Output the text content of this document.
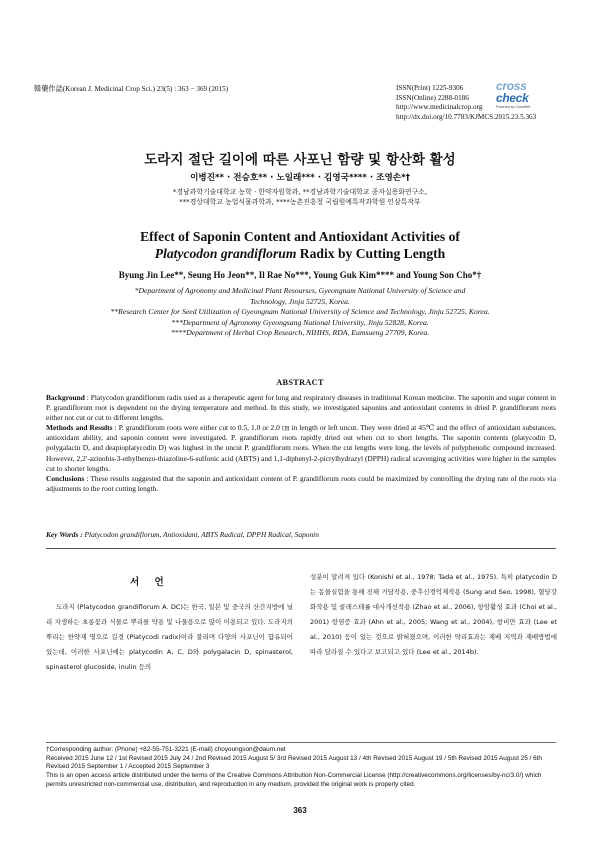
韓藥作誌(Korean J. Medicinal Crop Sci.) 23(5) : 363 − 369 (2015)	ISSN(Print) 1225-9306
ISSN(Online) 2288-0186
http://www.medicinalcrop.org
http://dx.doi.org/10.7783/KJMCS.2015.23.5.363
cross
check
Powered by CrossRef
도라지 절단 길이에 따른 사포닌 함량 및 항산화 활성
이병진** · 전승호** · 노일래*** · 김영국**** · 조영손*†
*경남과학기술대학교 농학 · 한약자원학과, **경남과학기술대학교 종자실용화연구소,
***경상대학교 농업식물과학과, ****농촌진흥청 국립원예특작과학원 인삼특작부
Effect of Saponin Content and Antioxidant Activities of
Platycodon grandiflorum Radix by Cutting Length
Byung Jin Lee**, Seung Ho Jeon**, Il Rae No***, Young Guk Kim**** and Young Son Cho*†
*Department of Agronomy and Medicinal Plant Resourses, Gyeongnam National University of Science and
Technology, Jinju 52725, Korea.
**Research Center for Seed Utilization of Gyeongnam National University of Science and Technology, Jinju 52725, Korea.
***Department of Agronomy Gyeongsang National University, Jinju 52828, Korea.
****Department of Herbal Crop Research, NIHHS, RDA, Eumsueng 27709, Korea.
ABSTRACT

Background : Platycodon grandiflorum radix used as a therapeutic agent for lung and respiratory diseases in traditional Korean medicine. The saponin and sugar content in P. grandiflorum root is dependent on the drying temperature and method. In this study, we investigated saponins and antioxidant contents in dried P. grandiflorum roots either not cut or cut to different lengths.

Methods and Results : P. grandiflorum roots were either cut to 0.5, 1.0 or 2.0 ㎝ in length or left uncut. They were dried at 45℃ and the effect of antioxidant substances, antioxidant ability, and saponin content were investigated. P. grandiflorum roots rapidly dried out when cut to short lengths. The saponin contents (platycodin D, polygalacin D, and deapioplatycodin D) was highest in the uncut P. grandiflorum roots. When the cut lengths were long, the levels of polyphenolic compound increased. However, 2,2'-azinobis-3-ethylbenzo-thiazoline-6-sulfonic acid (ABTS) and 1,1-diphenyl-2-picrylhydrazyl (DPPH) radical scavenging activities were higher in the samples cut to shorter lengths.

Conclusions : These results suggested that the saponin and antioxidant content of P. grandiflorum roots could be maximized by controlling the drying rate of the roots via adjustments to the root cutting length.

Key Words : Platycodon grandiflorum, Antioxidant, ABTS Radical, DPPH Radical, Saponin
서 언

도라지 (Platycodon grandiflorum A. DC)는 한국, 일본 및 중국의 산간지방에 널리 자생하는 초롱꽃과 식물로 뿌리를 약용 및 나물용으로 많이 이용되고 있다. 도라지의 뿌리는 한약재 명으로 길경 (Platycodi radix)이라 불리며 다양의 사포닌이 함유되어 있는데, 이러한 사포닌에는 platycodin A, C, D와 polygalacin D, spinasterol, spinasterol glucoside, inulin 등의

성분이 알려져 있다 (Konishi et al., 1978; Tada et al., 1975). 특히 platycodin D는 동물실험을 통해 진해 거담작용, 중추신경억제작용 (Sung and Seo, 1998), 혈당강화작용 및 콜레스테롤 대사개선작용 (Zhao et al., 2006), 항암활성 효과 (Choi et al., 2001) 항염증 효과 (Ahn et al., 2005; Wang et al., 2004), 항비만 효과 (Lee et al., 2010) 등이 있는 것으로 밝혀졌으며, 이러한 약리효과는 재배 지역과 재배방법에 따라 달라질 수 있다고 보고되고 있다 (Lee et al., 2014b).

†Corresponding author: (Phone) +82-55-751-3221 (E-mail) choyoungson@daum.net
Received 2015 June 12 / 1st Revised 2015 July 24 / 2nd Revised 2015 August 5/ 3rd Revised 2015 August 13 / 4th Revised 2015 August 19 / 5th Revised 2015 August 25 / 6th Revised 2015 September 1 / Accepted 2015 September 3
This is an open access article distributed under the terms of the Creative Commons Attribution Non-Commercial License (http://creativecommons.org/licenses/by-nc/3.0/) which permits unrestricted non-commercial use, distribution, and reproduction in any medium, provided the original work is properly cited.
363
